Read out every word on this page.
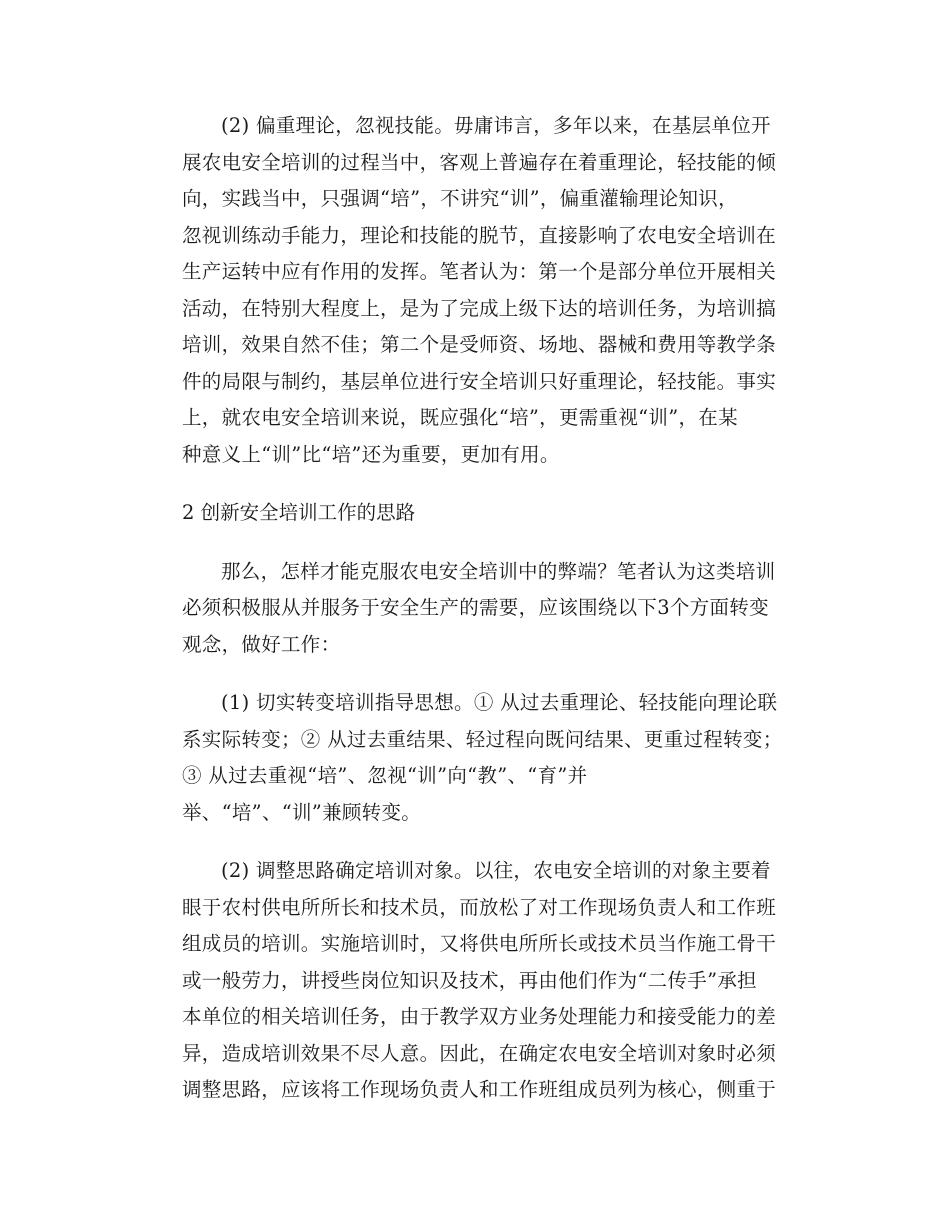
(2) 偏重理论，忽视技能。毋庸讳言，多年以来，在基层单位开
展农电安全培训的过程当中，客观上普遍存在着重理论，轻技能的倾
向，实践当中，只强调“培”，不讲究“训”，偏重灌输理论知识，
忽视训练动手能力，理论和技能的脱节，直接影响了农电安全培训在
生产运转中应有作用的发挥。笔者认为：第一个是部分单位开展相关
活动，在特别大程度上，是为了完成上级下达的培训任务，为培训搞
培训，效果自然不佳；第二个是受师资、场地、器械和费用等教学条
件的局限与制约，基层单位进行安全培训只好重理论，轻技能。事实
上，就农电安全培训来说，既应强化“培”，更需重视“训”，在某
种意义上“训”比“培”还为重要，更加有用。
2 创新安全培训工作的思路
那么，怎样才能克服农电安全培训中的弊端？笔者认为这类培训
必须积极服从并服务于安全生产的需要，应该围绕以下3个方面转变
观念，做好工作：
(1) 切实转变培训指导思想。① 从过去重理论、轻技能向理论联
系实际转变；② 从过去重结果、轻过程向既问结果、更重过程转变；
③ 从过去重视“培”、忽视“训”向“教”、“育”并
举、“培”、“训”兼顾转变。
(2) 调整思路确定培训对象。以往，农电安全培训的对象主要着
眼于农村供电所所长和技术员，而放松了对工作现场负责人和工作班
组成员的培训。实施培训时，又将供电所所长或技术员当作施工骨干
或一般劳力，讲授些岗位知识及技术，再由他们作为“二传手”承担
本单位的相关培训任务，由于教学双方业务处理能力和接受能力的差
异，造成培训效果不尽人意。因此，在确定农电安全培训对象时必须
调整思路，应该将工作现场负责人和工作班组成员列为核心，侧重于
